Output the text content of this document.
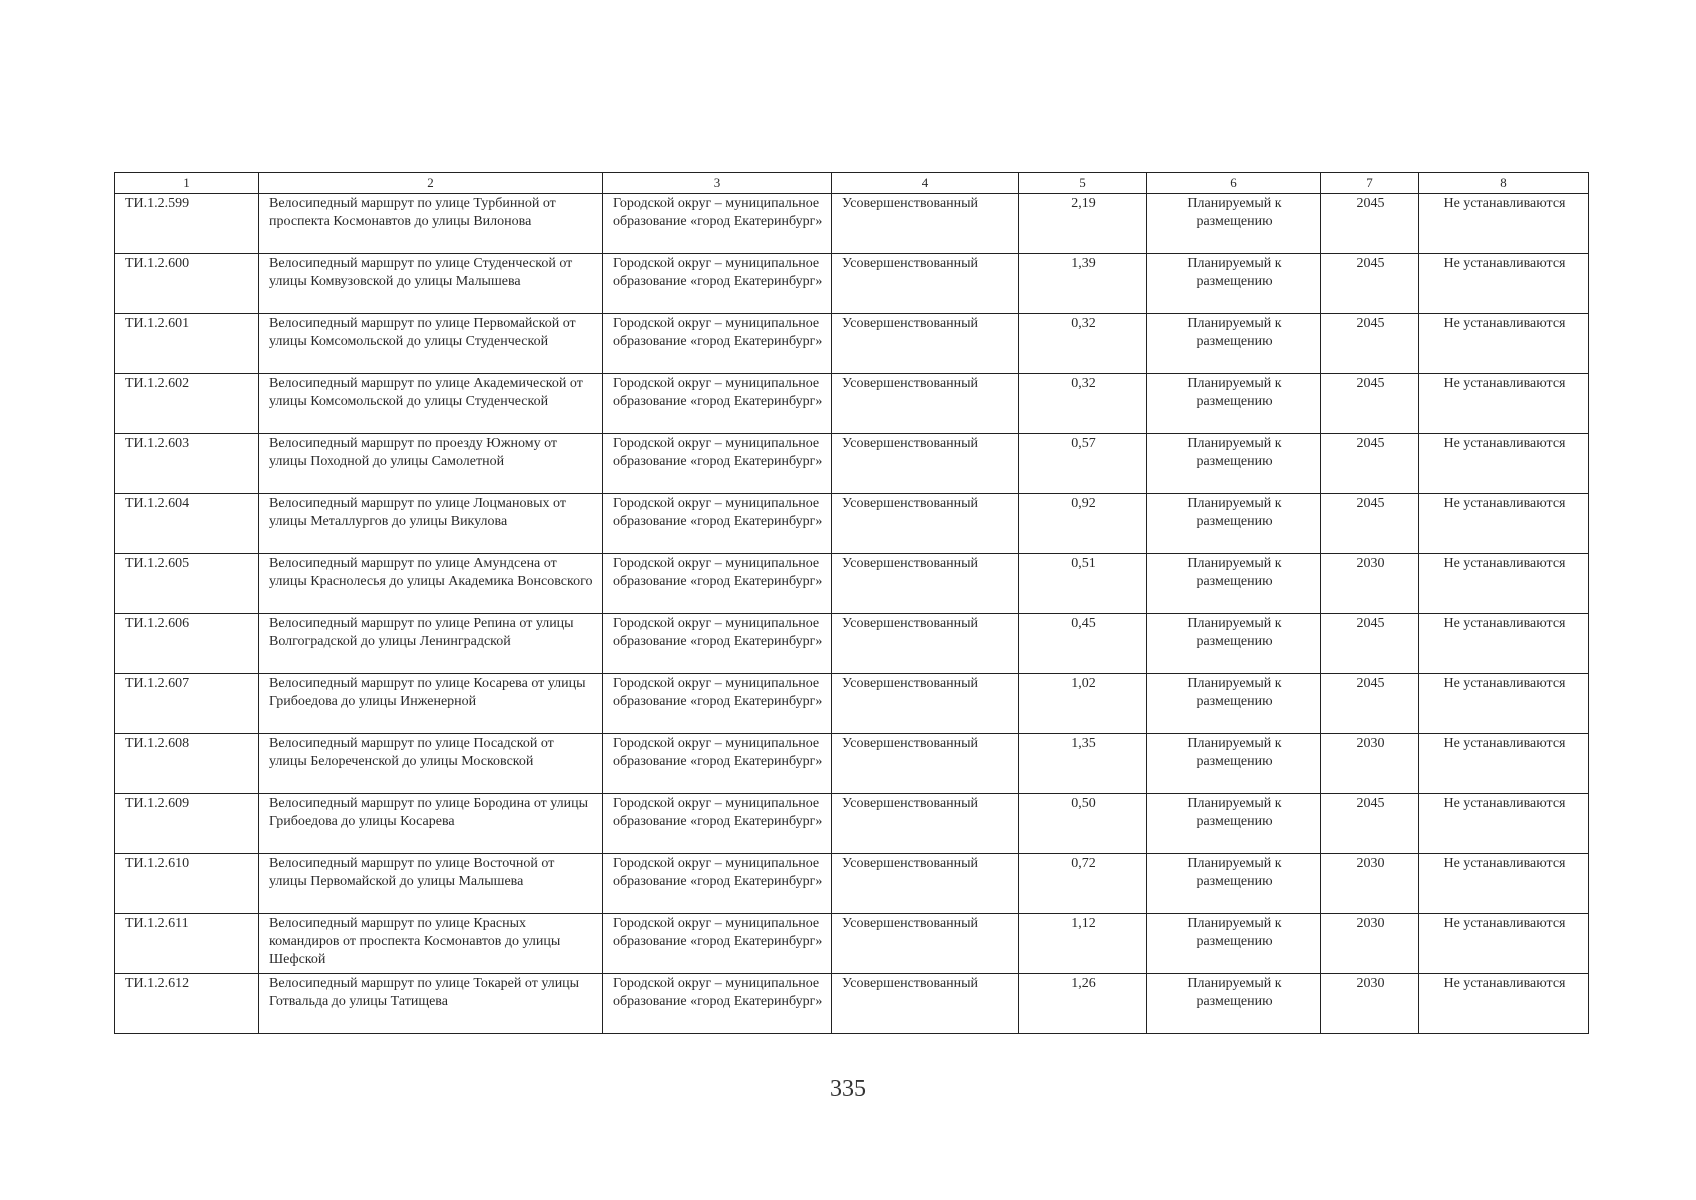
1	2	3	4	5	6	7	8
ТИ.1.2.599	Велосипедный маршрут по улице Турбинной от проспекта Космонавтов до улицы Вилонова	Городской округ – муниципальное образование «город Екатеринбург»	Усовершенствованный	2,19	Планируемый к размещению	2045	Не устанавливаются
ТИ.1.2.600	Велосипедный маршрут по улице Студенческой от улицы Комвузовской до улицы Малышева	Городской округ – муниципальное образование «город Екатеринбург»	Усовершенствованный	1,39	Планируемый к размещению	2045	Не устанавливаются
ТИ.1.2.601	Велосипедный маршрут по улице Первомайской от улицы Комсомольской до улицы Студенческой	Городской округ – муниципальное образование «город Екатеринбург»	Усовершенствованный	0,32	Планируемый к размещению	2045	Не устанавливаются
ТИ.1.2.602	Велосипедный маршрут по улице Академической от улицы Комсомольской до улицы Студенческой	Городской округ – муниципальное образование «город Екатеринбург»	Усовершенствованный	0,32	Планируемый к размещению	2045	Не устанавливаются
ТИ.1.2.603	Велосипедный маршрут по проезду Южному от улицы Походной до улицы Самолетной	Городской округ – муниципальное образование «город Екатеринбург»	Усовершенствованный	0,57	Планируемый к размещению	2045	Не устанавливаются
ТИ.1.2.604	Велосипедный маршрут по улице Лоцмановых от улицы Металлургов до улицы Викулова	Городской округ – муниципальное образование «город Екатеринбург»	Усовершенствованный	0,92	Планируемый к размещению	2045	Не устанавливаются
ТИ.1.2.605	Велосипедный маршрут по улице Амундсена от улицы Краснолесья до улицы Академика Вонсовского	Городской округ – муниципальное образование «город Екатеринбург»	Усовершенствованный	0,51	Планируемый к размещению	2030	Не устанавливаются
ТИ.1.2.606	Велосипедный маршрут по улице Репина от улицы Волгоградской до улицы Ленинградской	Городской округ – муниципальное образование «город Екатеринбург»	Усовершенствованный	0,45	Планируемый к размещению	2045	Не устанавливаются
ТИ.1.2.607	Велосипедный маршрут по улице Косарева от улицы Грибоедова до улицы Инженерной	Городской округ – муниципальное образование «город Екатеринбург»	Усовершенствованный	1,02	Планируемый к размещению	2045	Не устанавливаются
ТИ.1.2.608	Велосипедный маршрут по улице Посадской от улицы Белореченской до улицы Московской	Городской округ – муниципальное образование «город Екатеринбург»	Усовершенствованный	1,35	Планируемый к размещению	2030	Не устанавливаются
ТИ.1.2.609	Велосипедный маршрут по улице Бородина от улицы Грибоедова до улицы Косарева	Городской округ – муниципальное образование «город Екатеринбург»	Усовершенствованный	0,50	Планируемый к размещению	2045	Не устанавливаются
ТИ.1.2.610	Велосипедный маршрут по улице Восточной от улицы Первомайской до улицы Малышева	Городской округ – муниципальное образование «город Екатеринбург»	Усовершенствованный	0,72	Планируемый к размещению	2030	Не устанавливаются
ТИ.1.2.611	Велосипедный маршрут по улице Красных командиров от проспекта Космонавтов до улицы Шефской	Городской округ – муниципальное образование «город Екатеринбург»	Усовершенствованный	1,12	Планируемый к размещению	2030	Не устанавливаются
ТИ.1.2.612	Велосипедный маршрут по улице Токарей от улицы Готвальда до улицы Татищева	Городской округ – муниципальное образование «город Екатеринбург»	Усовершенствованный	1,26	Планируемый к размещению	2030	Не устанавливаются
335
